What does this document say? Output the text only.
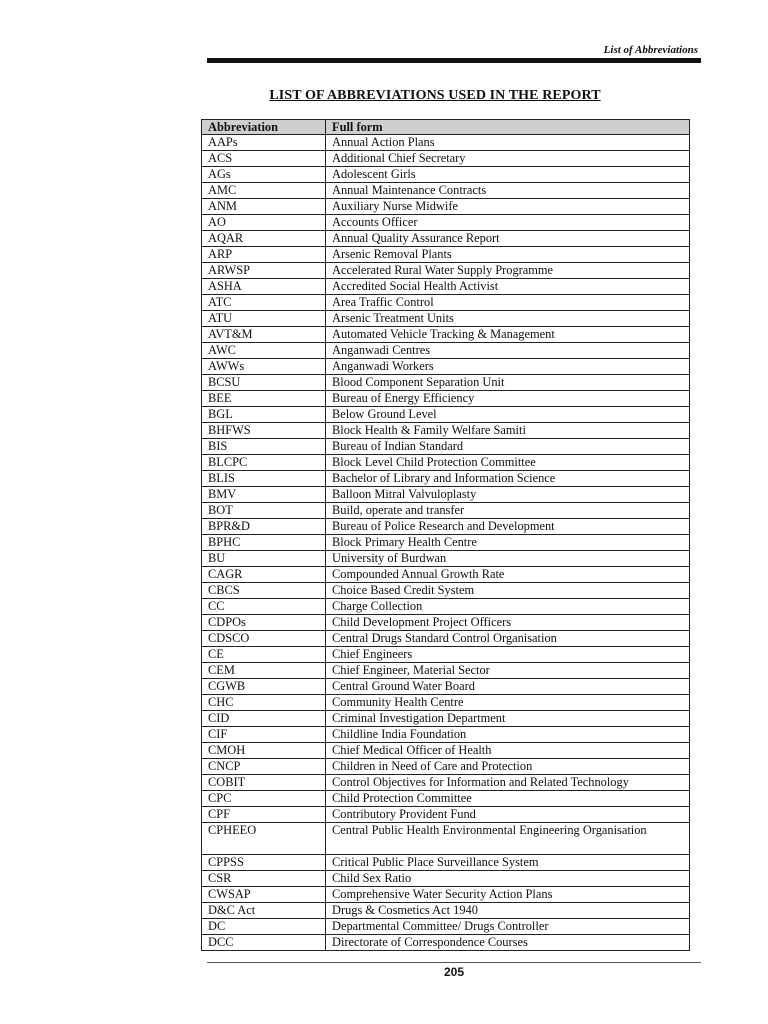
List of Abbreviations
LIST OF ABBREVIATIONS USED IN THE REPORT
Abbreviation	Full form
AAPs	Annual Action Plans
ACS	Additional Chief Secretary
AGs	Adolescent Girls
AMC	Annual Maintenance Contracts
ANM	Auxiliary Nurse Midwife
AO	Accounts Officer
AQAR	Annual Quality Assurance Report
ARP	Arsenic Removal Plants
ARWSP	Accelerated Rural Water Supply Programme
ASHA	Accredited Social Health Activist
ATC	Area Traffic Control
ATU	Arsenic Treatment Units
AVT&M	Automated Vehicle Tracking & Management
AWC	Anganwadi Centres
AWWs	Anganwadi Workers
BCSU	Blood Component Separation Unit
BEE	Bureau of Energy Efficiency
BGL	Below Ground Level
BHFWS	Block Health & Family Welfare Samiti
BIS	Bureau of Indian Standard
BLCPC	Block Level Child Protection Committee
BLIS	Bachelor of Library and Information Science
BMV	Balloon Mitral Valvuloplasty
BOT	Build, operate and transfer
BPR&D	Bureau of Police Research and Development
BPHC	Block Primary Health Centre
BU	University of Burdwan
CAGR	Compounded Annual Growth Rate
CBCS	Choice Based Credit System
CC	Charge Collection
CDPOs	Child Development Project Officers
CDSCO	Central Drugs Standard Control Organisation
CE	Chief Engineers
CEM	Chief Engineer, Material Sector
CGWB	Central Ground Water Board
CHC	Community Health Centre
CID	Criminal Investigation Department
CIF	Childline India Foundation
CMOH	Chief Medical Officer of Health
CNCP	Children in Need of Care and Protection
COBIT	Control Objectives for Information and Related Technology
CPC	Child Protection Committee
CPF	Contributory Provident Fund
CPHEEO	Central Public Health Environmental Engineering Organisation
CPPSS	Critical Public Place Surveillance System
CSR	Child Sex Ratio
CWSAP	Comprehensive Water Security Action Plans
D&C Act	Drugs & Cosmetics Act 1940
DC	Departmental Committee/ Drugs Controller
DCC	Directorate of Correspondence Courses
205
